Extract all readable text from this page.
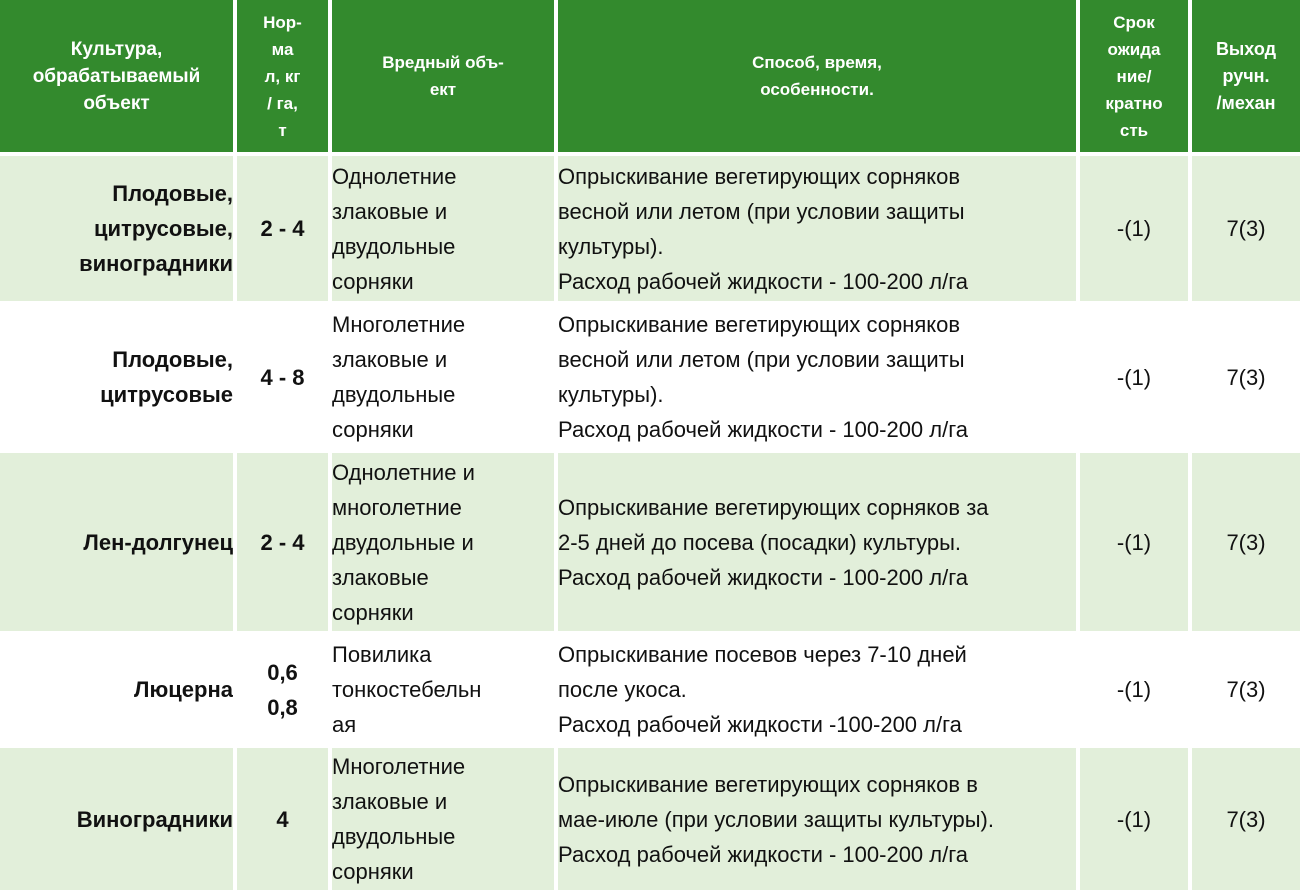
Культура,
обрабатываемый
объект	Нор-
ма
л, кг
/ га,
т	Вредный объ-
ект	Способ, время,
особенности.	Срок
ожида
ние/
кратно
сть	Выход
ручн.
/механ
Плодовые,
цитрусовые,
виноградники	2 - 4	Однолетние
злаковые и
двудольные
сорняки	Опрыскивание вегетирующих сорняков
весной или летом (при условии защиты
культуры).
Расход рабочей жидкости - 100-200 л/га	-(1)	7(3)
Плодовые,
цитрусовые	4 - 8	Многолетние
злаковые и
двудольные
сорняки	Опрыскивание вегетирующих сорняков
весной или летом (при условии защиты
культуры).
Расход рабочей жидкости - 100-200 л/га	-(1)	7(3)
Лен-долгунец	2 - 4	Однолетние и
многолетние
двудольные и
злаковые
сорняки	Опрыскивание вегетирующих сорняков за
2-5 дней до посева (посадки) культуры.
Расход рабочей жидкости - 100-200 л/га	-(1)	7(3)
Люцерна	0,6
0,8	Повилика
тонкостебельн
ая	Опрыскивание посевов через 7-10 дней
после укоса.
Расход рабочей жидкости -100-200 л/га	-(1)	7(3)
Виноградники	4	Многолетние
злаковые и
двудольные
сорняки	Опрыскивание вегетирующих сорняков в
мае-июле (при условии защиты культуры).
Расход рабочей жидкости - 100-200 л/га	-(1)	7(3)
